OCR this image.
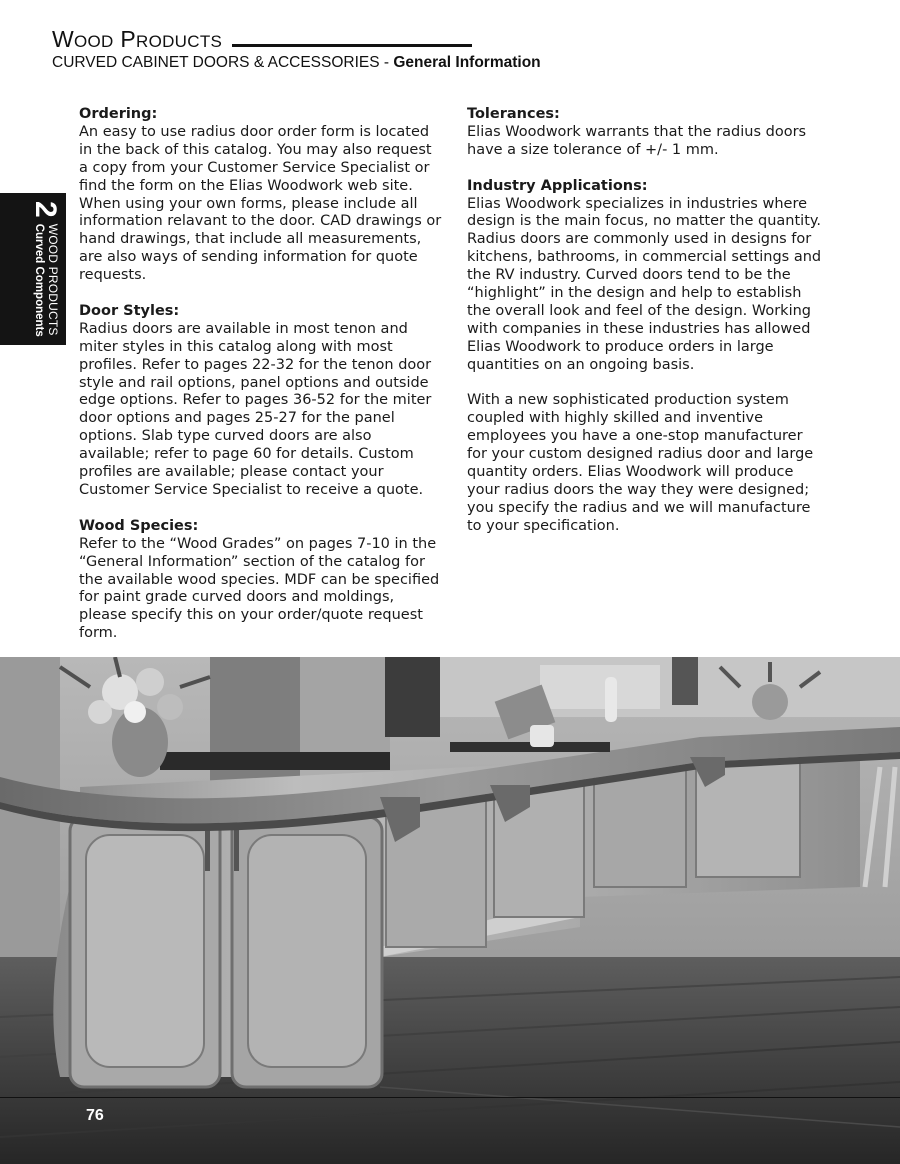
WOOD PRODUCTS
CURVED CABINET DOORS & ACCESSORIES - General Information
2
WOOD PRODUCTS
Curved Components
Ordering:

An easy to use radius door order form is located in the back of this catalog. You may also request a copy from your Customer Service Specialist or find the form on the Elias Woodwork web site. When using your own forms, please include all information relavant to the door. CAD drawings or hand drawings, that include all measurements, are also ways of sending information for quote requests.

Door Styles:

Radius doors are available in most tenon and miter styles in this catalog along with most profiles. Refer to pages 22-32 for the tenon door style and rail options, panel options and outside edge options. Refer to pages 36-52 for the miter door options and pages 25-27 for the panel options. Slab type curved doors are also available; refer to page 60 for details. Custom profiles are available; please contact your Customer Service Specialist to receive a quote.

Wood Species:

Refer to the “Wood Grades” on pages 7-10 in the “General Information” section of the catalog for the available wood species. MDF can be specified for paint grade curved doors and moldings, please specify this on your order/quote request form.

Tolerances:

Elias Woodwork warrants that the radius doors have a size tolerance of +/- 1 mm.

Industry Applications:

Elias Woodwork specializes in industries where design is the main focus, no matter the quantity.

Radius doors are commonly used in designs for kitchens, bathrooms, in commercial settings and the RV industry. Curved doors tend to be the “highlight” in the design and help to establish the overall look and feel of the design. Working with companies in these industries has allowed Elias Woodwork to produce orders in large quantities on an ongoing basis.

With a new sophisticated production system coupled with highly skilled and inventive employees you have a one-stop manufacturer for your custom designed radius door and large quantity orders. Elias Woodwork will produce your radius doors the way they were designed; you specify the radius and we will manufacture to your specification.

76
